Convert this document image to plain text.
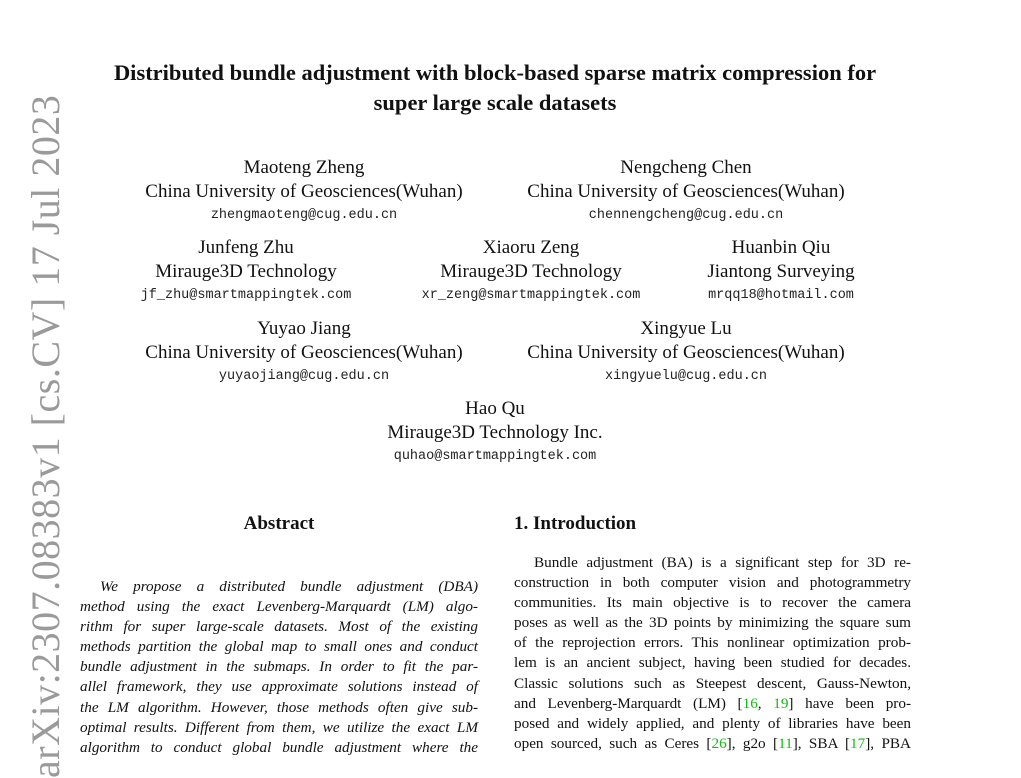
arXiv:2307.08383v1 [cs.CV] 17 Jul 2023
Distributed bundle adjustment with block-based sparse matrix compression for
super large scale datasets
Maoteng Zheng
China University of Geosciences(Wuhan)
zhengmaoteng@cug.edu.cn
Nengcheng Chen
China University of Geosciences(Wuhan)
chennengcheng@cug.edu.cn
Junfeng Zhu
Mirauge3D Technology
jf_zhu@smartmappingtek.com
Xiaoru Zeng
Mirauge3D Technology
xr_zeng@smartmappingtek.com
Huanbin Qiu
Jiantong Surveying
mrqq18@hotmail.com
Yuyao Jiang
China University of Geosciences(Wuhan)
yuyaojiang@cug.edu.cn
Xingyue Lu
China University of Geosciences(Wuhan)
xingyuelu@cug.edu.cn
Hao Qu
Mirauge3D Technology Inc.
quhao@smartmappingtek.com
Abstract
We propose a distributed bundle adjustment (DBA)
method using the exact Levenberg-Marquardt (LM) algo-
rithm for super large-scale datasets. Most of the existing
methods partition the global map to small ones and conduct
bundle adjustment in the submaps. In order to fit the par-
allel framework, they use approximate solutions instead of
the LM algorithm. However, those methods often give sub-
optimal results. Different from them, we utilize the exact LM
algorithm to conduct global bundle adjustment where the
1. Introduction
Bundle adjustment (BA) is a significant step for 3D re-
construction in both computer vision and photogrammetry
communities. Its main objective is to recover the camera
poses as well as the 3D points by minimizing the square sum
of the reprojection errors. This nonlinear optimization prob-
lem is an ancient subject, having been studied for decades.
Classic solutions such as Steepest descent, Gauss-Newton,
and Levenberg-Marquardt (LM) [16, 19] have been pro-
posed and widely applied, and plenty of libraries have been
open sourced, such as Ceres [26], g2o [11], SBA [17], PBA
